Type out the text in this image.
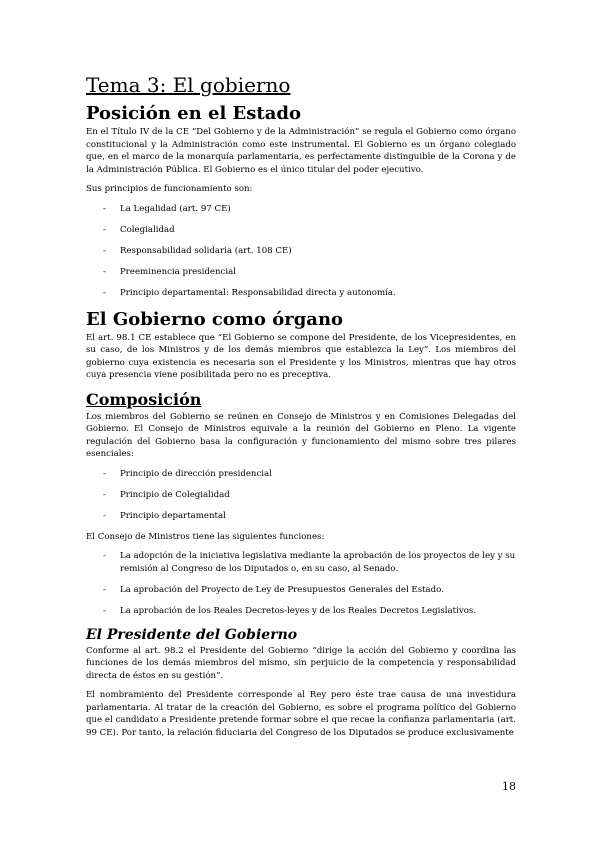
Tema 3: El gobierno
Posición en el Estado

En el Título IV de la CE “Del Gobierno y de la Administración” se regula el Gobierno como órgano constitucional y la Administración como este instrumental. El Gobierno es un órgano colegiado que, en el marco de la monarquía parlamentaria, es perfectamente distinguible de la Corona y de la Administración Pública. El Gobierno es el único titular del poder ejecutivo.

Sus principios de funcionamiento son:

- La Legalidad (art. 97 CE)
- Colegialidad
- Responsabilidad solidaria (art. 108 CE)
- Preeminencia presidencial
- Principio departamental: Responsabilidad directa y autonomía.
El Gobierno como órgano

El art. 98.1 CE establece que “El Gobierno se compone del Presidente, de los Vicepresidentes, en su caso, de los Ministros y de los demás miembros que establezca la Ley”. Los miembros del gobierno cuya existencia es necesaria son el Presidente y los Ministros, mientras que hay otros cuya presencia viene posibilitada pero no es preceptiva.

Composición

Los miembros del Gobierno se reúnen en Consejo de Ministros y en Comisiones Delegadas del Gobierno. El Consejo de Ministros equivale a la reunión del Gobierno en Pleno. La vigente regulación del Gobierno basa la configuración y funcionamiento del mismo sobre tres pilares esenciales:

- Principio de dirección presidencial
- Principio de Colegialidad
- Principio departamental

El Consejo de Ministros tiene las siguientes funciones:

- La adopción de la iniciativa legislativa mediante la aprobación de los proyectos de ley y su remisión al Congreso de los Diputados o, en su caso, al Senado.
- La aprobación del Proyecto de Ley de Presupuestos Generales del Estado.
- La aprobación de los Reales Decretos-leyes y de los Reales Decretos Legislativos.
El Presidente del Gobierno

Conforme al art. 98.2 el Presidente del Gobierno “dirige la acción del Gobierno y coordina las funciones de los demás miembros del mismo, sin perjuicio de la competencia y responsabilidad directa de éstos en su gestión”.

El nombramiento del Presidente corresponde al Rey pero éste trae causa de una investidura parlamentaria. Al tratar de la creación del Gobierno, es sobre el programa político del Gobierno que el candidato a Presidente pretende formar sobre el que recae la confianza parlamentaria (art. 99 CE). Por tanto, la relación fiduciaria del Congreso de los Diputados se produce exclusivamente

18
